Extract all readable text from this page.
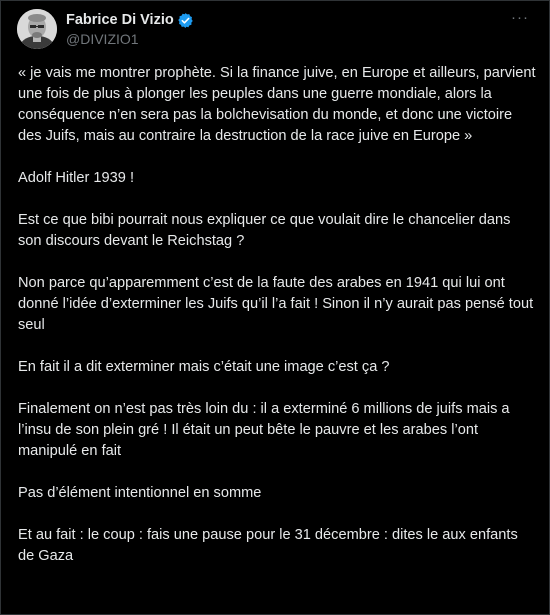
Fabrice Di Vizio
@DIVIZIO1
···

« je vais me montrer prophète. Si la finance juive, en Europe et ailleurs, parvient une fois de plus à plonger les peuples dans une guerre mondiale, alors la conséquence n’en sera pas la bolchevisation du monde, et donc une victoire des Juifs, mais au contraire la destruction de la race juive en Europe »

Adolf Hitler 1939 !

Est ce que bibi pourrait nous expliquer ce que voulait dire le chancelier dans son discours devant le Reichstag ?

Non parce qu’apparemment c’est de la faute des arabes en 1941 qui lui ont donné l’idée d’exterminer les Juifs qu’il l’a fait ! Sinon il n’y aurait pas pensé tout seul

En fait il a dit exterminer mais c’était une image c’est ça ?

Finalement on n’est pas très loin du : il a exterminé 6 millions de juifs mais a l’insu de son plein gré ! Il était un peut bête le pauvre et les arabes l’ont manipulé en fait

Pas d’élément intentionnel en somme

Et au fait : le coup : fais une pause pour le 31 décembre : dites le aux enfants de Gaza
